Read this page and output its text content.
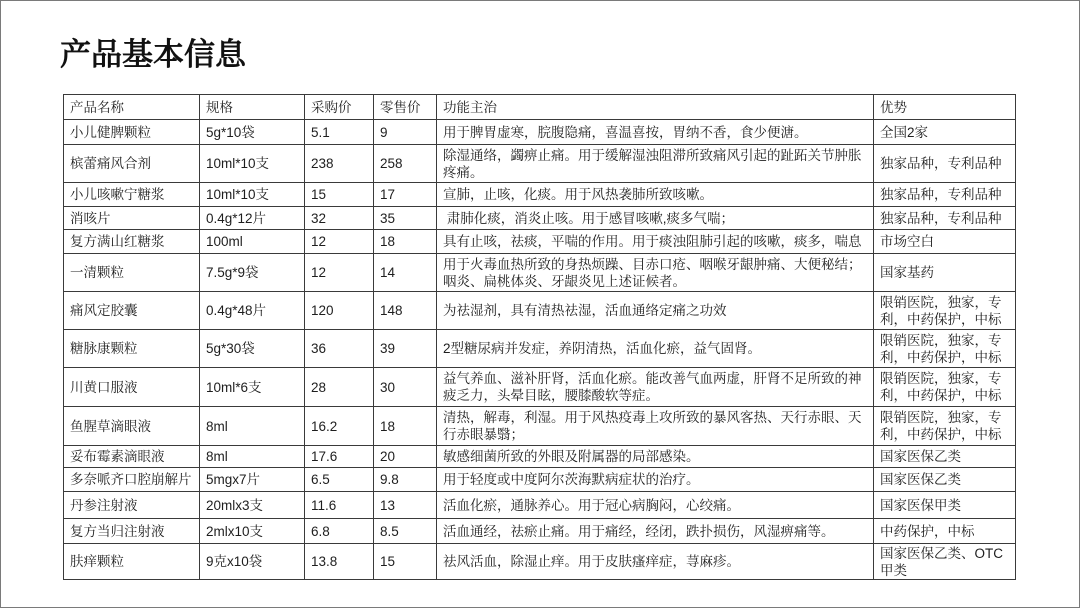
产品基本信息
产品名称	规格	采购价	零售价	功能主治	优势
小儿健脾颗粒	5g*10袋	5.1	9	用于脾胃虚寒，脘腹隐痛，喜温喜按，胃纳不香，食少便溏。	全国2家
槟蕾痛风合剂	10ml*10支	238	258	除湿通络，蠲痹止痛。用于缓解湿浊阻滞所致痛风引起的趾跖关节肿胀疼痛。	独家品种，专利品种
小儿咳嗽宁糖浆	10ml*10支	15	17	宣肺，止咳，化痰。用于风热袭肺所致咳嗽。	独家品种，专利品种
消咳片	0.4g*12片	32	35	肃肺化痰，消炎止咳。用于感冒咳嗽,痰多气喘；	独家品种，专利品种
复方满山红糖浆	100ml	12	18	具有止咳，祛痰，平喘的作用。用于痰浊阻肺引起的咳嗽，痰多，喘息	市场空白
一清颗粒	7.5g*9袋	12	14	用于火毒血热所致的身热烦躁、目赤口疮、咽喉牙龈肿痛、大便秘结；咽炎、扁桃体炎、牙龈炎见上述证候者。	国家基药
痛风定胶囊	0.4g*48片	120	148	为祛湿剂，具有清热祛湿，活血通络定痛之功效	限销医院，独家，专利，中药保护，中标
糖脉康颗粒	5g*30袋	36	39	2型糖尿病并发症，养阴清热，活血化瘀，益气固肾。	限销医院，独家，专利，中药保护，中标
川黄口服液	10ml*6支	28	30	益气养血、滋补肝肾，活血化瘀。能改善气血两虚，肝肾不足所致的神疲乏力，头晕目眩，腰膝酸软等症。	限销医院，独家，专利，中药保护，中标
鱼腥草滴眼液	8ml	16.2	18	清热，解毒，利湿。用于风热疫毒上攻所致的暴风客热、天行赤眼、天行赤眼暴翳；	限销医院，独家，专利，中药保护，中标
妥布霉素滴眼液	8ml	17.6	20	敏感细菌所致的外眼及附属器的局部感染。	国家医保乙类
多奈哌齐口腔崩解片	5mgx7片	6.5	9.8	用于轻度或中度阿尔茨海默病症状的治疗。	国家医保乙类
丹参注射液	20mlx3支	11.6	13	活血化瘀，通脉养心。用于冠心病胸闷，心绞痛。	国家医保甲类
复方当归注射液	2mlx10支	6.8	8.5	活血通经，祛瘀止痛。用于痛经，经闭，跌扑损伤，风湿痹痛等。	中药保护，中标
肤痒颗粒	9克x10袋	13.8	15	祛风活血，除湿止痒。用于皮肤瘙痒症，荨麻疹。	国家医保乙类、OTC甲类
